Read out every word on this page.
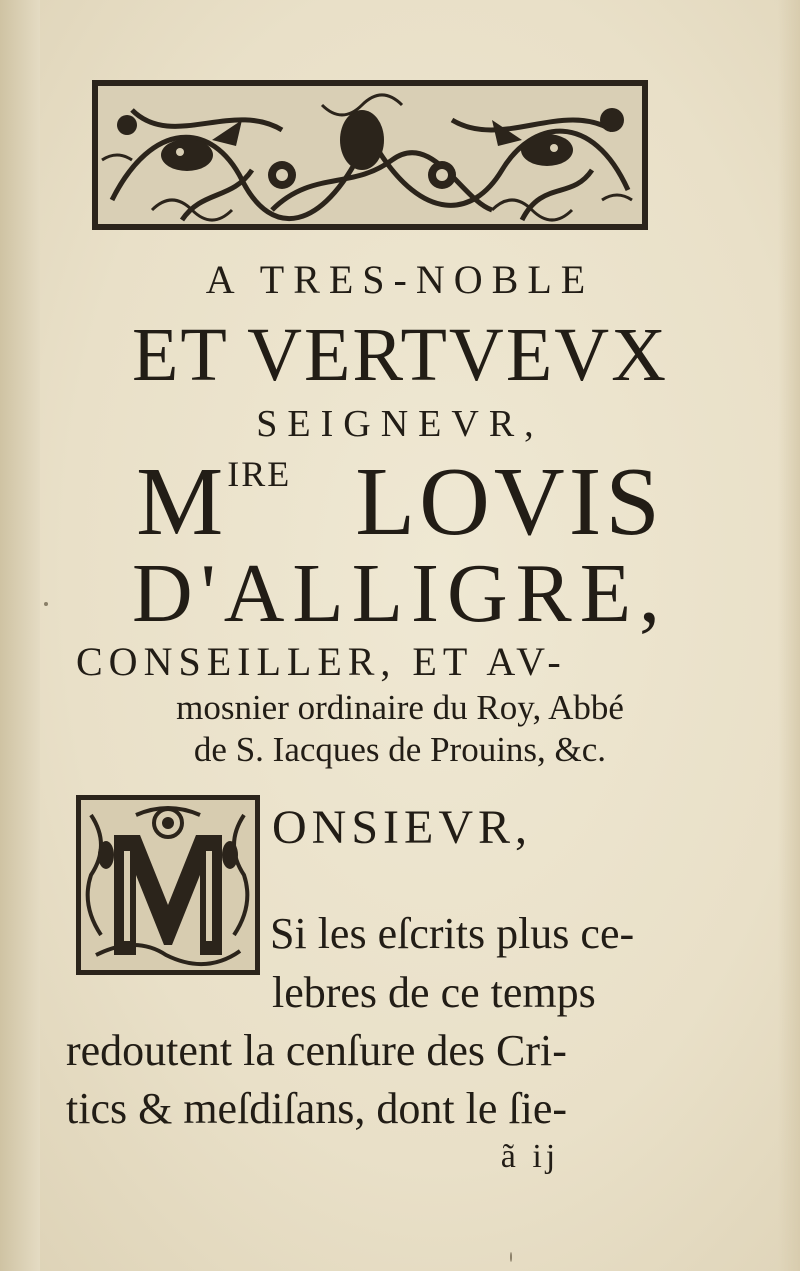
A TRES-NOBLE
ET VERTVEVX
SEIGNEVR,
$M^{IRE}$ LOVIS
D'ALLIGRE,
CONSEILLER, ET AV-
mosnier ordinaire du Roy, Abbé
de S. Iacques de Prouins, &c.
ONSIEVR,
Si les eſcrits plus ce-
lebres de ce temps
redoutent la cenſure des Cri-
tics & meſdiſans, dont le ſie-
ã ij
